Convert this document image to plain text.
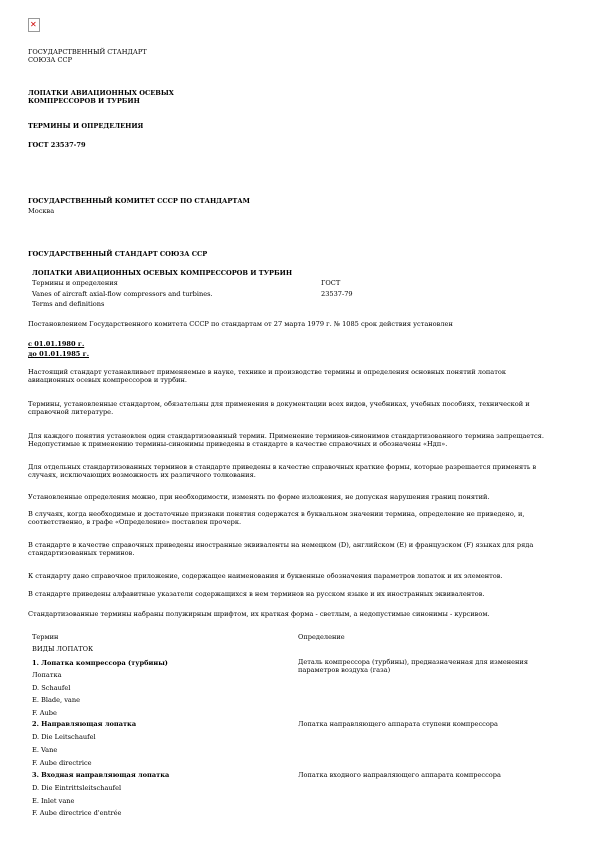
✕
ГОСУДАРСТВЕННЫЙ СТАНДАРТ
СОЮЗА ССР
ЛОПАТКИ АВИАЦИОННЫХ ОСЕВЫХ
КОМПРЕССОРОВ И ТУРБИН
ТЕРМИНЫ И ОПРЕДЕЛЕНИЯ
ГОСТ 23537-79
ГОСУДАРСТВЕННЫЙ КОМИТЕТ СССР ПО СТАНДАРТАМ
Москва
ГОСУДАРСТВЕННЫЙ СТАНДАРТ СОЮЗА ССР
ЛОПАТКИ АВИАЦИОННЫХ ОСЕВЫХ КОМПРЕССОРОВ И ТУРБИН
Термины и определения
Vanes of aircraft axial-flow compressors and turbines.
Terms and definitions
ГОСТ
23537-79
Постановлением Государственного комитета СССР по стандартам от 27 марта 1979 г. № 1085 срок действия установлен
с 01.01.1980 г.
до 01.01.1985 г.
Настоящий стандарт устанавливает применяемые в науке, технике и производстве термины и определения основных понятий лопаток авиационных осевых компрессоров и турбин.
Термины, установленные стандартом, обязательны для применения в документации всех видов, учебниках, учебных пособиях, технической и справочной литературе.
Для каждого понятия установлен один стандартизованный термин. Применение терминов-синонимов стандартизованного термина запрещается. Недопустимые к применению термины-синонимы приведены в стандарте в качестве справочных и обозначены «Ндп».
Для отдельных стандартизованных терминов в стандарте приведены в качестве справочных краткие формы, которые разрешается применять в случаях, исключающих возможность их различного толкования.
Установленные определения можно, при необходимости, изменять по форме изложения, не допуская нарушения границ понятий.
В случаях, когда необходимые и достаточные признаки понятия содержатся в буквальном значении термина, определение не приведено, и, соответственно, в графе «Определение» поставлен прочерк.
В стандарте в качестве справочных приведены иностранные эквиваленты на немецком (D), английском (E) и французском (F) языках для ряда стандартизованных терминов.
К стандарту дано справочное приложение, содержащее наименования и буквенные обозначения параметров лопаток и их элементов.
В стандарте приведены алфавитные указатели содержащихся в нем терминов на русском языке и их иностранных эквивалентов.
Стандартизованные термины набраны полужирным шрифтом, их краткая форма - светлым, а недопустимые синонимы - курсивом.
Термин	Определение
ВИДЫ ЛОПАТОК
1. Лопатка компрессора (турбины)
Лопатка
D. Schaufel
E. Blade, vane
F. Aube
Деталь компрессора (турбины), предназначенная для изменения параметров воздуха (газа)
2. Направляющая лопатка
D. Die Leitschaufel
E. Vane
F. Aube directrice
Лопатка направляющего аппарата ступени компрессора
3. Входная направляющая лопатка
D. Die Eintrittsleitschaufel
E. Inlet vane
F. Aube directrice d'entrée
Лопатка входного направляющего аппарата компрессора
